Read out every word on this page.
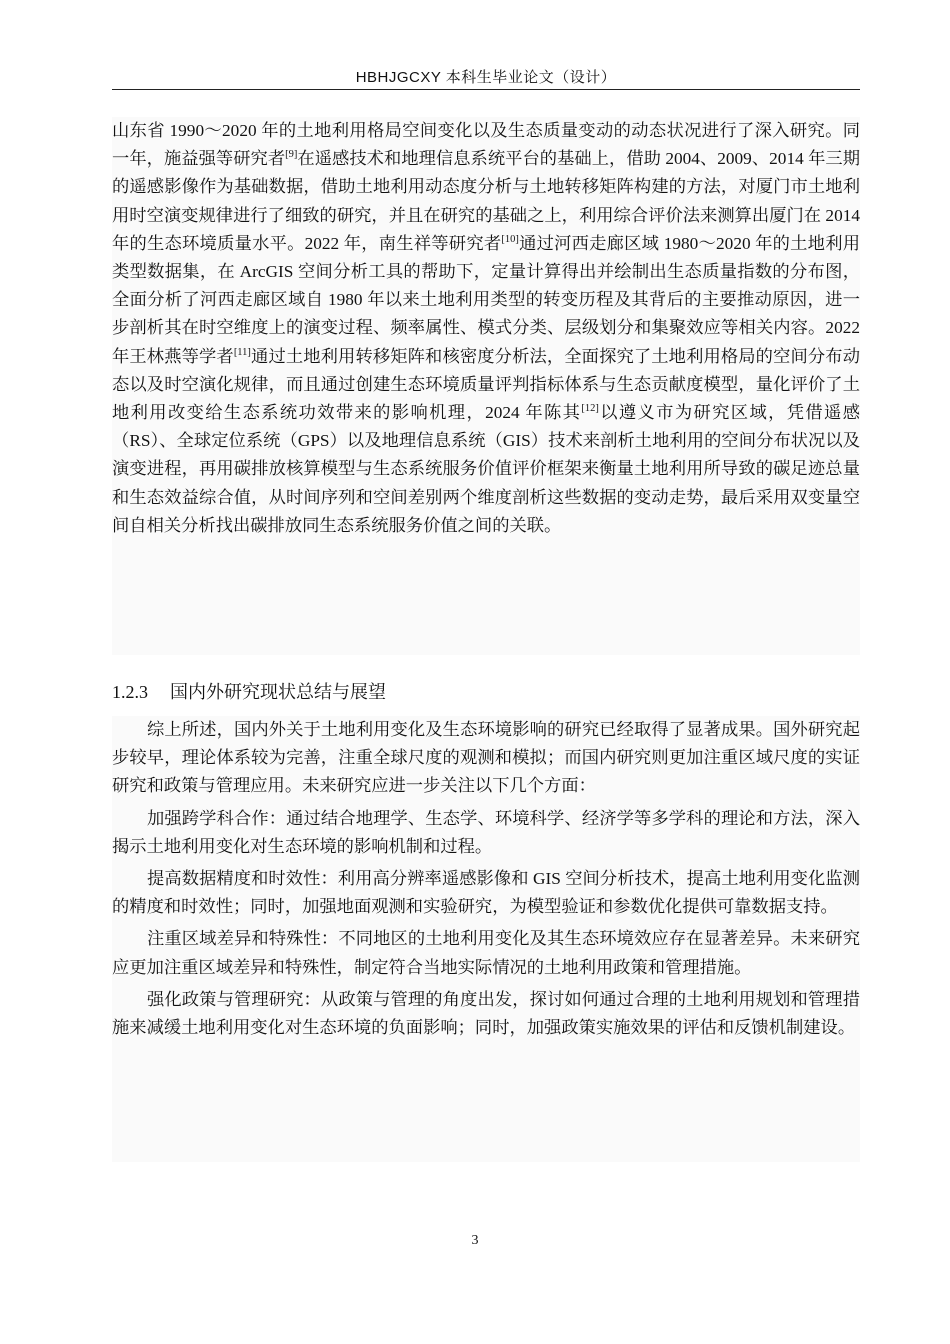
HBHJGCXY 本科生毕业论文（设计）

山东省 1990～2020 年的土地利用格局空间变化以及生态质量变动的动态状况进行了深入研究。同一年，施益强等研究者[9]在遥感技术和地理信息系统平台的基础上，借助 2004、2009、2014 年三期的遥感影像作为基础数据，借助土地利用动态度分析与土地转移矩阵构建的方法，对厦门市土地利用时空演变规律进行了细致的研究，并且在研究的基础之上，利用综合评价法来测算出厦门在 2014 年的生态环境质量水平。2022 年，南生祥等研究者[10]通过河西走廊区域 1980～2020 年的土地利用类型数据集，在 ArcGIS 空间分析工具的帮助下，定量计算得出并绘制出生态质量指数的分布图，全面分析了河西走廊区域自 1980 年以来土地利用类型的转变历程及其背后的主要推动原因，进一步剖析其在时空维度上的演变过程、频率属性、模式分类、层级划分和集聚效应等相关内容。2022 年王林燕等学者[11]通过土地利用转移矩阵和核密度分析法，全面探究了土地利用格局的空间分布动态以及时空演化规律，而且通过创建生态环境质量评判指标体系与生态贡献度模型，量化评价了土地利用改变给生态系统功效带来的影响机理，2024 年陈其[12]以遵义市为研究区域，凭借遥感（RS）、全球定位系统（GPS）以及地理信息系统（GIS）技术来剖析土地利用的空间分布状况以及演变进程，再用碳排放核算模型与生态系统服务价值评价框架来衡量土地利用所导致的碳足迹总量和生态效益综合值，从时间序列和空间差别两个维度剖析这些数据的变动走势，最后采用双变量空间自相关分析找出碳排放同生态系统服务价值之间的关联。

1.2.3 国内外研究现状总结与展望

综上所述，国内外关于土地利用变化及生态环境影响的研究已经取得了显著成果。国外研究起步较早，理论体系较为完善，注重全球尺度的观测和模拟；而国内研究则更加注重区域尺度的实证研究和政策与管理应用。未来研究应进一步关注以下几个方面：

加强跨学科合作：通过结合地理学、生态学、环境科学、经济学等多学科的理论和方法，深入揭示土地利用变化对生态环境的影响机制和过程。

提高数据精度和时效性：利用高分辨率遥感影像和 GIS 空间分析技术，提高土地利用变化监测的精度和时效性；同时，加强地面观测和实验研究，为模型验证和参数优化提供可靠数据支持。

注重区域差异和特殊性：不同地区的土地利用变化及其生态环境效应存在显著差异。未来研究应更加注重区域差异和特殊性，制定符合当地实际情况的土地利用政策和管理措施。

强化政策与管理研究：从政策与管理的角度出发，探讨如何通过合理的土地利用规划和管理措施来减缓土地利用变化对生态环境的负面影响；同时，加强政策实施效果的评估和反馈机制建设。

3
